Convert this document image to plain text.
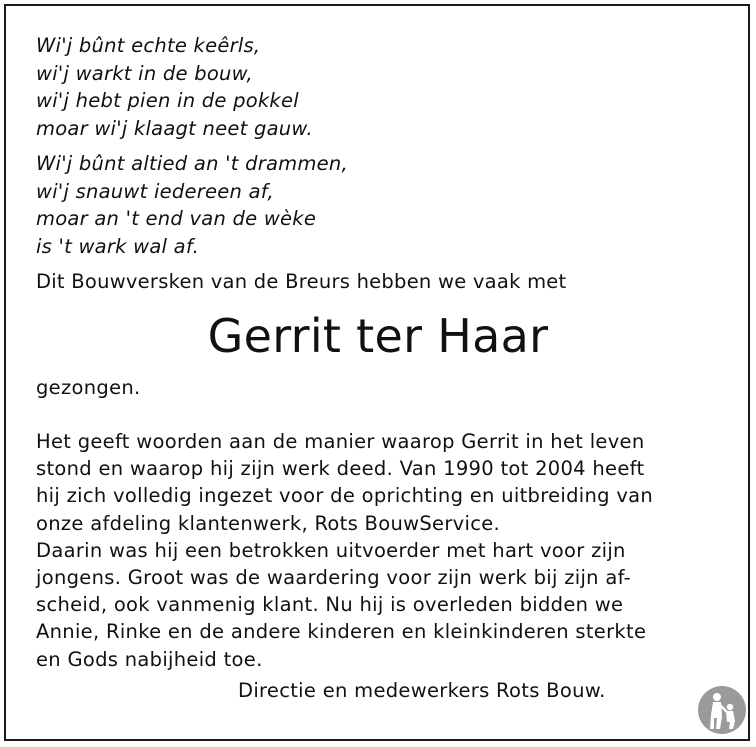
Wi'j bûnt echte keêrls,
wi'j warkt in de bouw,
wi'j hebt pien in de pokkel
moar wi'j klaagt neet gauw.
Wi'j bûnt altied an 't drammen,
wi'j snauwt iedereen af,
moar an 't end van de wèke
is 't wark wal af.
Dit Bouwversken van de Breurs hebben we vaak met
Gerrit ter Haar
gezongen.
Het geeft woorden aan de manier waarop Gerrit in het leven
stond en waarop hij zijn werk deed. Van 1990 tot 2004 heeft
hij zich volledig ingezet voor de oprichting en uitbreiding van
onze afdeling klantenwerk, Rots BouwService.
Daarin was hij een betrokken uitvoerder met hart voor zijn
jongens. Groot was de waardering voor zijn werk bij zijn af-
scheid, ook vanmenig klant. Nu hij is overleden bidden we
Annie, Rinke en de andere kinderen en kleinkinderen sterkte
en Gods nabijheid toe.
Directie en medewerkers Rots Bouw.
